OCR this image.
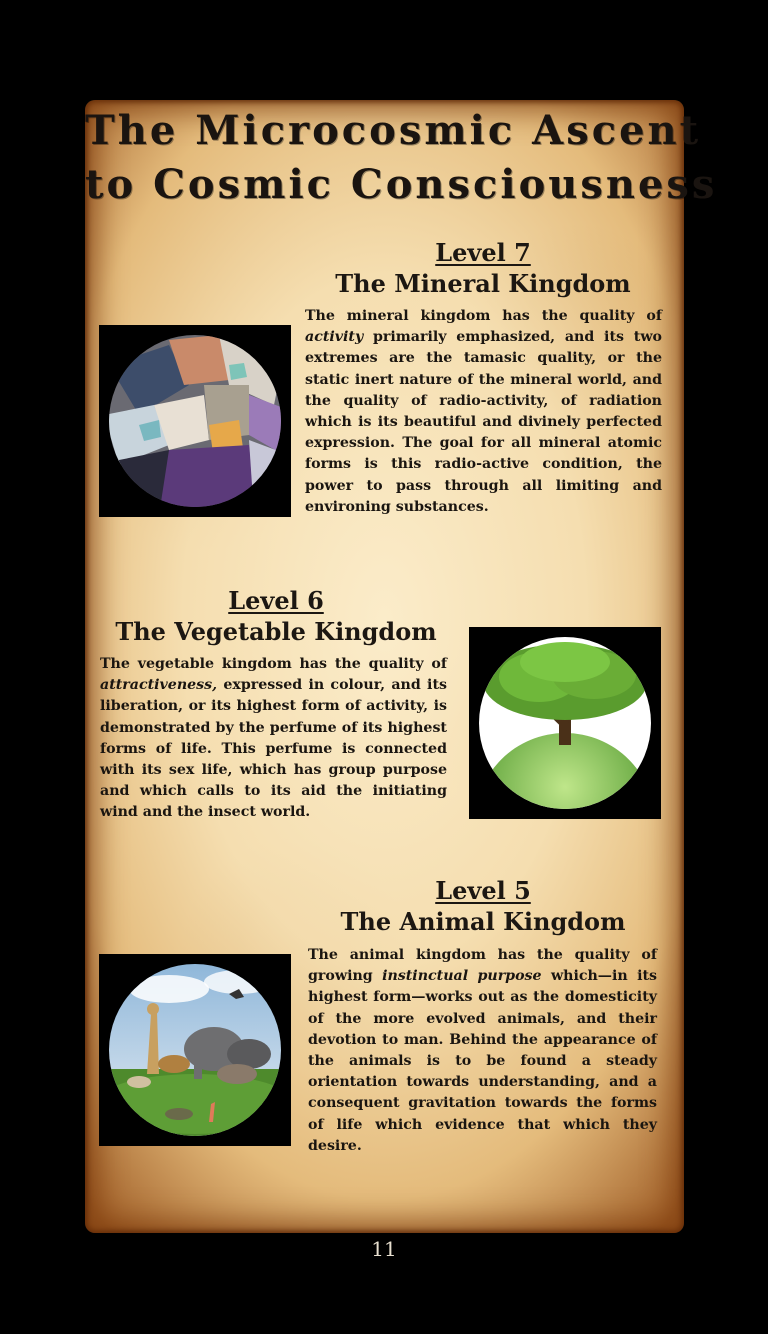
The Microcosmic Ascent
to Cosmic Consciousness
Level 7
The Mineral Kingdom

The mineral kingdom has the quality of activity primarily emphasized, and its two extremes are the tamasic quality, or the static inert nature of the mineral world, and the quality of radio-activity, of radiation which is its beautiful and divinely perfected expression. The goal for all mineral atomic forms is this radio-active condition, the power to pass through all limiting and environing substances.

Level 6
The Vegetable Kingdom

The vegetable kingdom has the quality of attractiveness, expressed in colour, and its liberation, or its highest form of activity, is demonstrated by the perfume of its highest forms of life. This perfume is connected with its sex life, which has group purpose and which calls to its aid the initiating wind and the insect world.

Level 5
The Animal Kingdom

The animal kingdom has the quality of growing instinctual purpose which—in its highest form—works out as the domesticity of the more evolved animals, and their devotion to man. Behind the appearance of the animals is to be found a steady orientation towards understanding, and a consequent gravitation towards the forms of life which evidence that which they desire.

11
